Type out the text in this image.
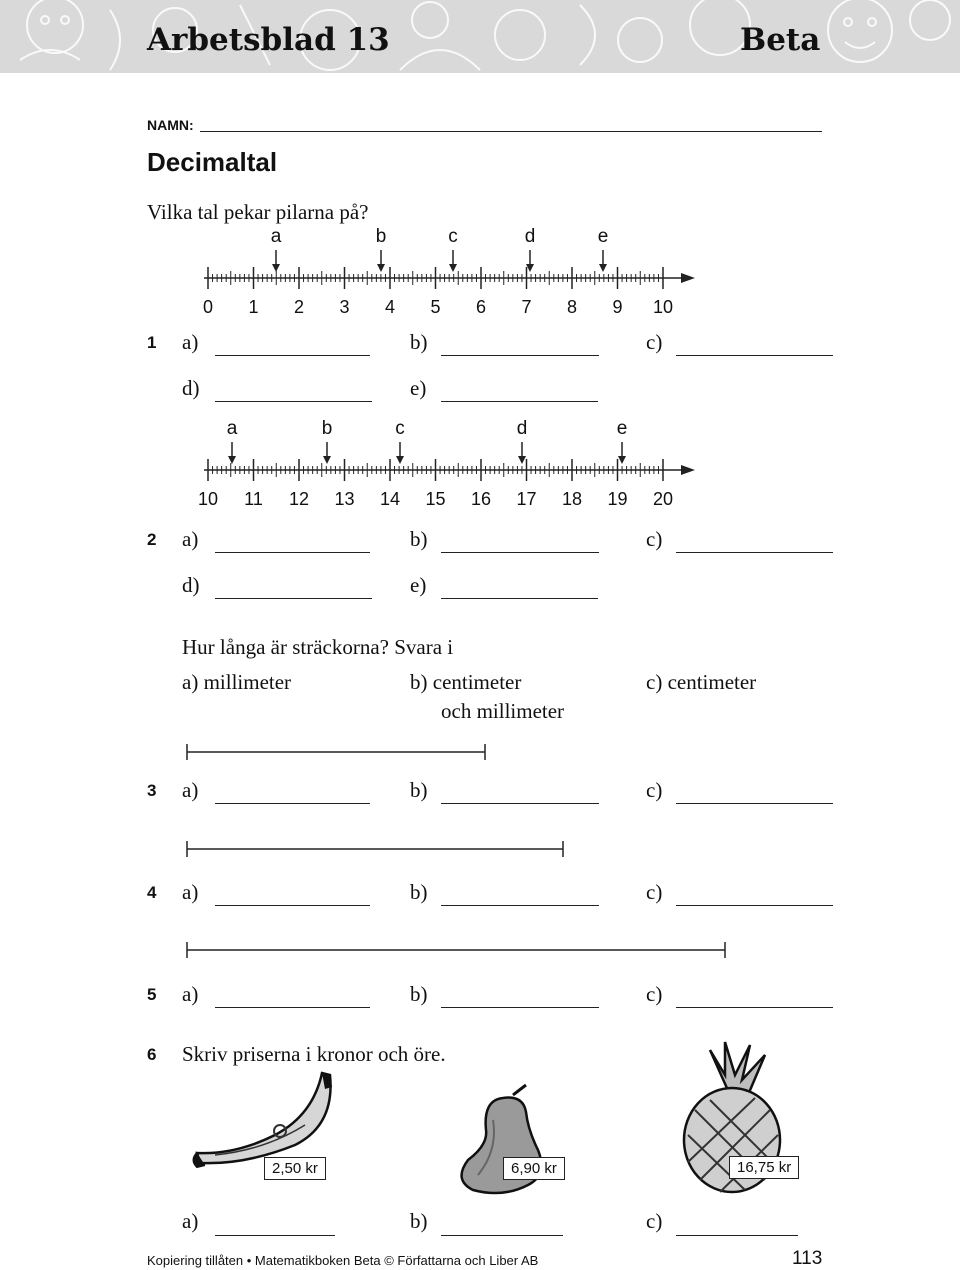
Arbetsblad 13	Beta
NAMN:
Decimaltal
Vilka tal pekar pilarna på?
0 1 2 3 4 5 6 7 8 9 10
a	b	c	d	e
1 a)	b)	c)
d)	e)
10 11 12 13 14 15 16 17 18 19 20
a	b	c	d	e
2 a)	b)	c)
d)	e)
Hur långa är sträckorna? Svara i
a) millimeter	b) centimeter
och millimeter
c) centimeter
3 a)	b)	c)
4 a)	b)	c)
5 a)	b)	c)
6 Skriv priserna i kronor och öre.
2,50 kr	6,90 kr	16,75 kr
a)	b)	c)
Kopiering tillåten • Matematikboken Beta © Författarna och Liber AB	113
